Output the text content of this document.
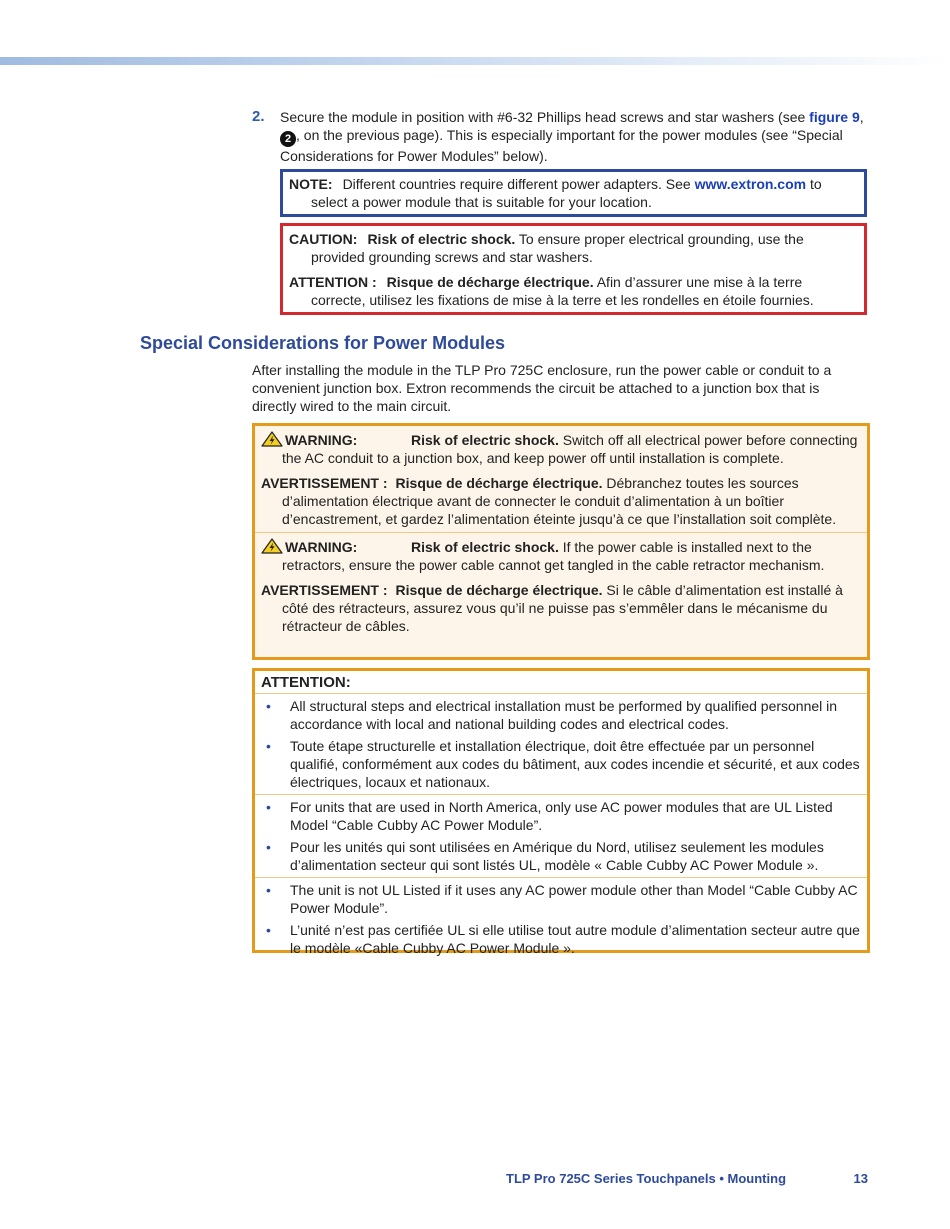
2. Secure the module in position with #6-32 Phillips head screws and star washers (see figure 9, 2 , on the previous page). This is especially important for the power modules (see “Special Considerations for Power Modules” below).

NOTE: Different countries require different power adapters. See www.extron.com to select a power module that is suitable for your location.

CAUTION: Risk of electric shock. To ensure proper electrical grounding, use the provided grounding screws and star washers.

ATTENTION : Risque de décharge électrique. Afin d’assurer une mise à la terre correcte, utilisez les fixations de mise à la terre et les rondelles en étoile fournies.

Special Considerations for Power Modules

After installing the module in the TLP Pro 725C enclosure, run the power cable or conduit to a convenient junction box. Extron recommends the circuit be attached to a junction box that is directly wired to the main circuit.

WARNING:	Risk of electric shock. Switch off all electrical power before connecting the AC conduit to a junction box, and keep power off until installation is complete.

AVERTISSEMENT : Risque de décharge électrique. Débranchez toutes les sources d’alimentation électrique avant de connecter le conduit d’alimentation à un boîtier d’encastrement, et gardez l’alimentation éteinte jusqu’à ce que l’installation soit complète.

WARNING:	Risk of electric shock. If the power cable is installed next to the retractors, ensure the power cable cannot get tangled in the cable retractor mechanism.

AVERTISSEMENT : Risque de décharge électrique. Si le câble d’alimentation est installé à côté des rétracteurs, assurez vous qu’il ne puisse pas s’emmêler dans le mécanisme du rétracteur de câbles.

ATTENTION:

• All structural steps and electrical installation must be performed by qualified personnel in accordance with local and national building codes and electrical codes.

• Toute étape structurelle et installation électrique, doit être effectuée par un personnel qualifié, conformément aux codes du bâtiment, aux codes incendie et sécurité, et aux codes électriques, locaux et nationaux.

• For units that are used in North America, only use AC power modules that are UL Listed Model “Cable Cubby AC Power Module”.

• Pour les unités qui sont utilisées en Amérique du Nord, utilisez seulement les modules d’alimentation secteur qui sont listés UL, modèle « Cable Cubby AC Power Module ».

• The unit is not UL Listed if it uses any AC power module other than Model “Cable Cubby AC Power Module”.

• L’unité n’est pas certifiée UL si elle utilise tout autre module d’alimentation secteur autre que le modèle «Cable Cubby AC Power Module ».

TLP Pro 725C Series Touchpanels • Mounting	13
